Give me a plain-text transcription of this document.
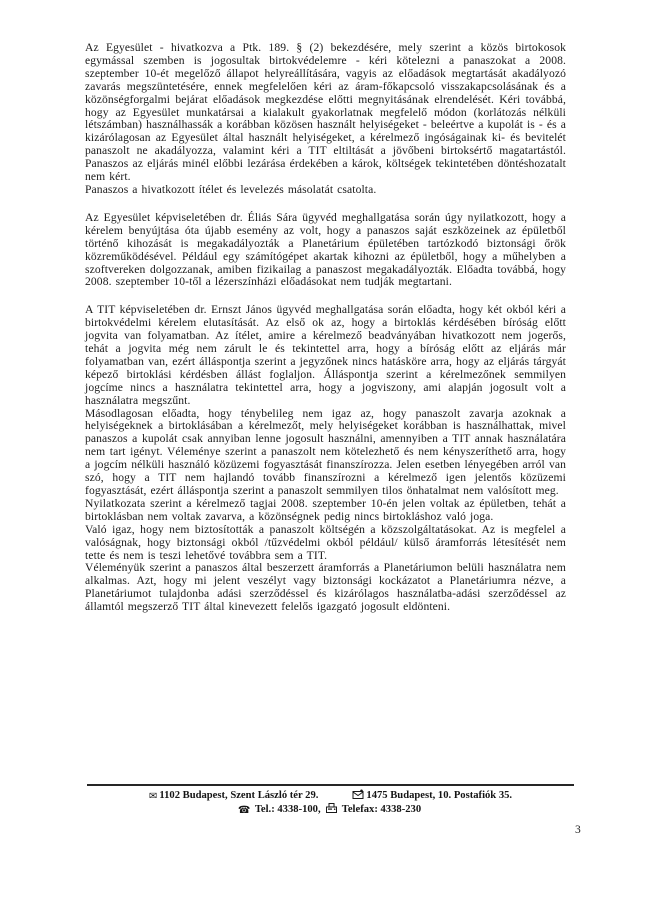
Az Egyesület - hivatkozva a Ptk. 189. § (2) bekezdésére, mely szerint a közös birtokosok egymással szemben is jogosultak birtokvédelemre - kéri kötelezni a panaszokat a 2008. szeptember 10-ét megelőző állapot helyreállítására, vagyis az előadások megtartását akadályozó zavarás megszüntetésére, ennek megfelelően kéri az áram-főkapcsoló visszakapcsolásának és a közönségforgalmi bejárat előadások megkezdése előtti megnyitásának elrendelését. Kéri továbbá, hogy az Egyesület munkatársai a kialakult gyakorlatnak megfelelő módon (korlátozás nélküli létszámban) használhassák a korábban közösen használt helyiségeket - beleértve a kupolát is - és a kizárólagosan az Egyesület által használt helyiségeket, a kérelmező ingóságainak ki- és bevitelét panaszolt ne akadályozza, valamint kéri a TIT eltiltását a jövőbeni birtoksértő magatartástól. Panaszos az eljárás minél előbbi lezárása érdekében a károk, költségek tekintetében döntéshozatalt nem kért.

Panaszos a hivatkozott ítélet és levelezés másolatát csatolta.

Az Egyesület képviseletében dr. Éliás Sára ügyvéd meghallgatása során úgy nyilatkozott, hogy a kérelem benyújtása óta újabb esemény az volt, hogy a panaszos saját eszközeinek az épületből történő kihozását is megakadályozták a Planetárium épületében tartózkodó biztonsági őrök közreműködésével. Például egy számítógépet akartak kihozni az épületből, hogy a műhelyben a szoftvereken dolgozzanak, amiben fizikailag a panaszost megakadályozták. Előadta továbbá, hogy 2008. szeptember 10-től a lézerszínházi előadásokat nem tudják megtartani.

A TIT képviseletében dr. Ernszt János ügyvéd meghallgatása során előadta, hogy két okból kéri a birtokvédelmi kérelem elutasítását. Az első ok az, hogy a birtoklás kérdésében bíróság előtt jogvita van folyamatban. Az ítélet, amire a kérelmező beadványában hivatkozott nem jogerős, tehát a jogvita még nem zárult le és tekintettel arra, hogy a bíróság előtt az eljárás már folyamatban van, ezért álláspontja szerint a jegyzőnek nincs hatásköre arra, hogy az eljárás tárgyát képező birtoklási kérdésben állást foglaljon. Álláspontja szerint a kérelmezőnek semmilyen jogcíme nincs a használatra tekintettel arra, hogy a jogviszony, ami alapján jogosult volt a használatra megszűnt.

Másodlagosan előadta, hogy ténybelileg nem igaz az, hogy panaszolt zavarja azoknak a helyiségeknek a birtoklásában a kérelmezőt, mely helyiségeket korábban is használhattak, mivel panaszos a kupolát csak annyiban lenne jogosult használni, amennyiben a TIT annak használatára nem tart igényt. Véleménye szerint a panaszolt nem kötelezhető és nem kényszeríthető arra, hogy a jogcím nélküli használó közüzemi fogyasztását finanszírozza. Jelen esetben lényegében arról van szó, hogy a TIT nem hajlandó tovább finanszírozni a kérelmező igen jelentős közüzemi fogyasztását, ezért álláspontja szerint a panaszolt semmilyen tilos önhatalmat nem valósított meg.

Nyilatkozata szerint a kérelmező tagjai 2008. szeptember 10-én jelen voltak az épületben, tehát a birtoklásban nem voltak zavarva, a közönségnek pedig nincs birtokláshoz való joga.

Való igaz, hogy nem biztosították a panaszolt költségén a közszolgáltatásokat. Az is megfelel a valóságnak, hogy biztonsági okból /tűzvédelmi okból például/ külső áramforrás létesítését nem tette és nem is teszi lehetővé továbbra sem a TIT.

Véleményük szerint a panaszos által beszerzett áramforrás a Planetáriumon belüli használatra nem alkalmas. Azt, hogy mi jelent veszélyt vagy biztonsági kockázatot a Planetáriumra nézve, a Planetáriumot tulajdonba adási szerződéssel és kizárólagos használatba-adási szerződéssel az államtól megszerző TIT által kinevezett felelős igazgató jogosult eldönteni.

✉ 1102 Budapest, Szent László tér 29.	1475 Budapest, 10. Postafiók 35.
☎ Tel.: 4338-100, Telefax: 4338-230
3
